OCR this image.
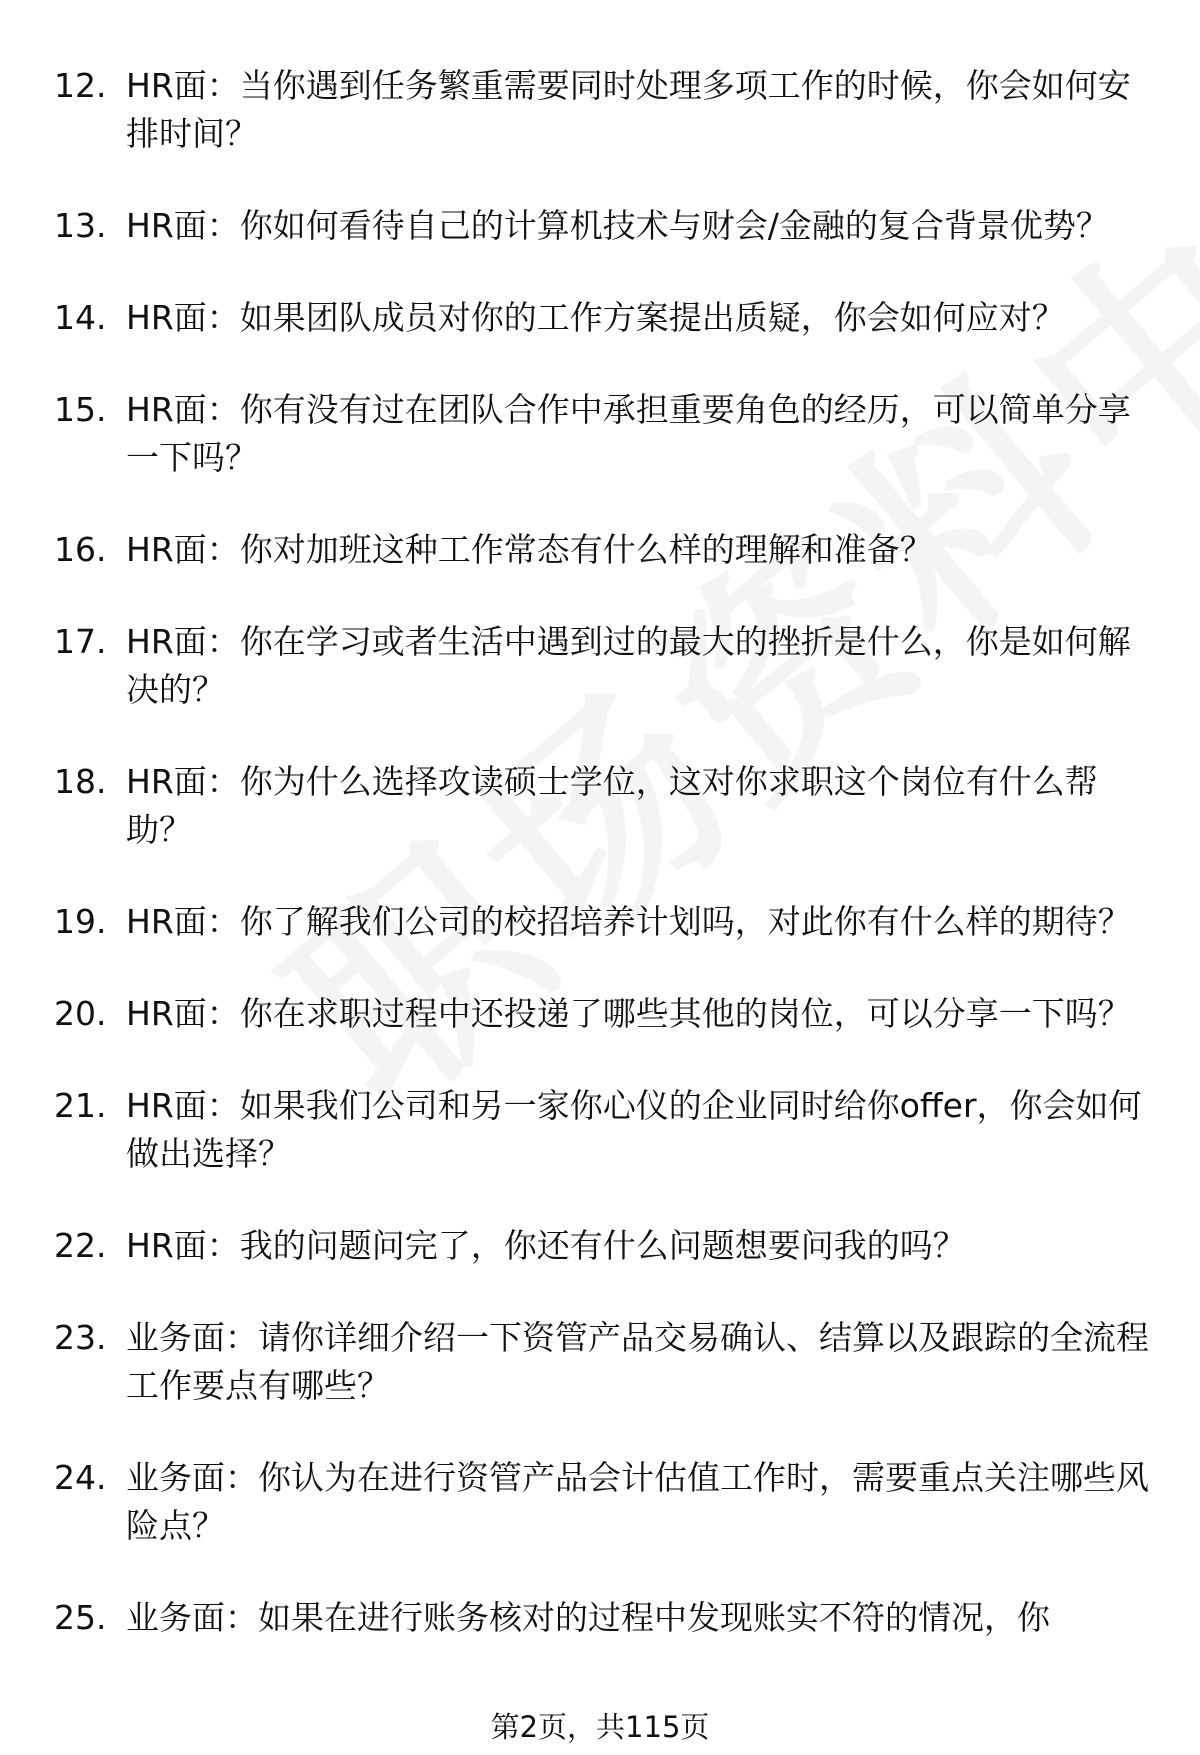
12. HR面：当你遇到任务繁重需要同时处理多项工作的时候，你会如何安排时间？
13. HR面：你如何看待自己的计算机技术与财会/金融的复合背景优势？
14. HR面：如果团队成员对你的工作方案提出质疑，你会如何应对？
15. HR面：你有没有过在团队合作中承担重要角色的经历，可以简单分享一下吗？
16. HR面：你对加班这种工作常态有什么样的理解和准备？
17. HR面：你在学习或者生活中遇到过的最大的挫折是什么，你是如何解决的？
18. HR面：你为什么选择攻读硕士学位，这对你求职这个岗位有什么帮助？
19. HR面：你了解我们公司的校招培养计划吗，对此你有什么样的期待？
20. HR面：你在求职过程中还投递了哪些其他的岗位，可以分享一下吗？
21. HR面：如果我们公司和另一家你心仪的企业同时给你offer，你会如何做出选择？
22. HR面：我的问题问完了，你还有什么问题想要问我的吗？
23. 业务面：请你详细介绍一下资管产品交易确认、结算以及跟踪的全流程工作要点有哪些？
24. 业务面：你认为在进行资管产品会计估值工作时，需要重点关注哪些风险点？
25. 业务面：如果在进行账务核对的过程中发现账实不符的情况，你
第2页，共115页
